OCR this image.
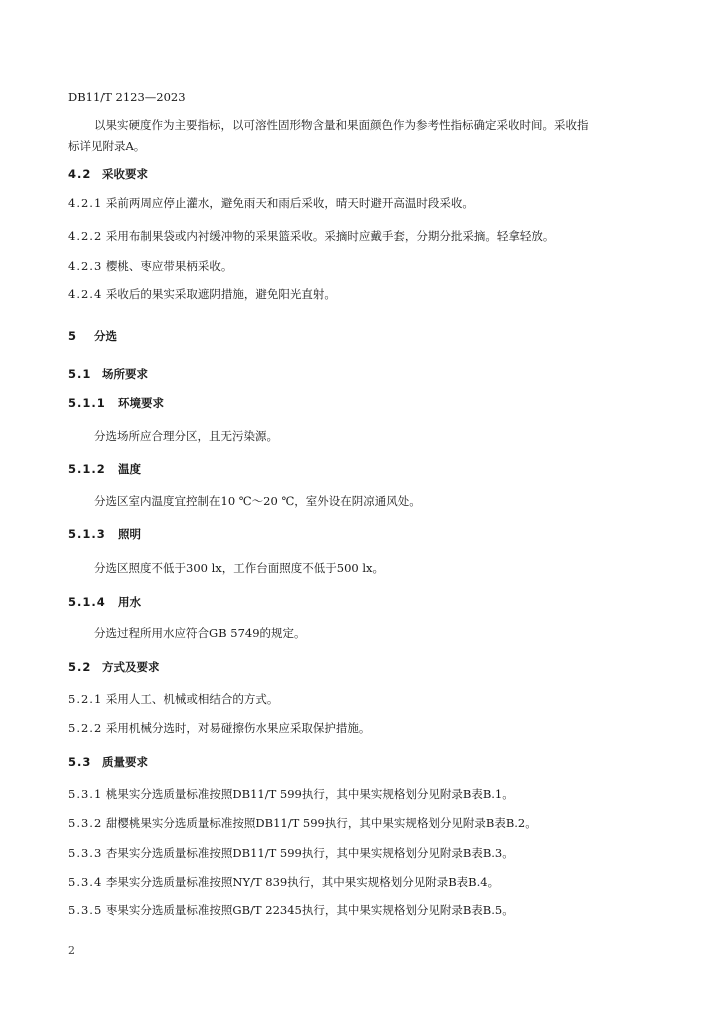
DB11/T 2123—2023
以果实硬度作为主要指标，以可溶性固形物含量和果面颜色作为参考性指标确定采收时间。采收指
标详见附录A。
4.2 采收要求
4.2.1 采前两周应停止灌水，避免雨天和雨后采收，晴天时避开高温时段采收。
4.2.2 采用布制果袋或内衬缓冲物的采果篮采收。采摘时应戴手套，分期分批采摘。轻拿轻放。
4.2.3 樱桃、枣应带果柄采收。
4.2.4 采收后的果实采取遮阴措施，避免阳光直射。
5 分选
5.1 场所要求
5.1.1 环境要求
分选场所应合理分区，且无污染源。
5.1.2 温度
分选区室内温度宜控制在10 ℃～20 ℃，室外设在阴凉通风处。
5.1.3 照明
分选区照度不低于300 lx，工作台面照度不低于500 lx。
5.1.4 用水
分选过程所用水应符合GB 5749的规定。
5.2 方式及要求
5.2.1 采用人工、机械或相结合的方式。
5.2.2 采用机械分选时，对易碰擦伤水果应采取保护措施。
5.3 质量要求
5.3.1 桃果实分选质量标准按照DB11/T 599执行，其中果实规格划分见附录B表B.1。
5.3.2 甜樱桃果实分选质量标准按照DB11/T 599执行，其中果实规格划分见附录B表B.2。
5.3.3 杏果实分选质量标准按照DB11/T 599执行，其中果实规格划分见附录B表B.3。
5.3.4 李果实分选质量标准按照NY/T 839执行，其中果实规格划分见附录B表B.4。
5.3.5 枣果实分选质量标准按照GB/T 22345执行，其中果实规格划分见附录B表B.5。
2
